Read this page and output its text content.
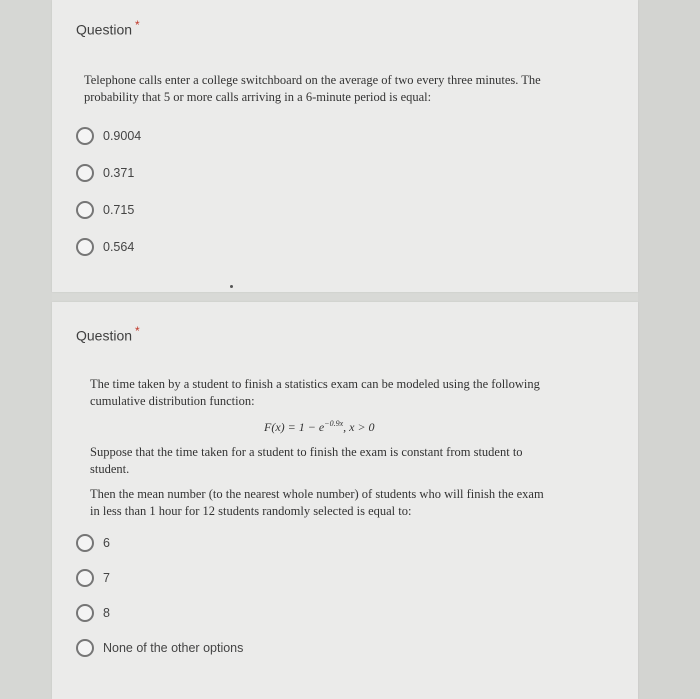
Question *
Telephone calls enter a college switchboard on the average of two every three minutes. The
probability that 5 or more calls arriving in a 6-minute period is equal:
0.9004
0.371
0.715
0.564
Question *
The time taken by a student to finish a statistics exam can be modeled using the following
cumulative distribution function:
$F(x) = 1 - e^{-0.9x}$, x > 0
Suppose that the time taken for a student to finish the exam is constant from student to
student.
Then the mean number (to the nearest whole number) of students who will finish the exam
in less than 1 hour for 12 students randomly selected is equal to:
6
7
8
None of the other options
